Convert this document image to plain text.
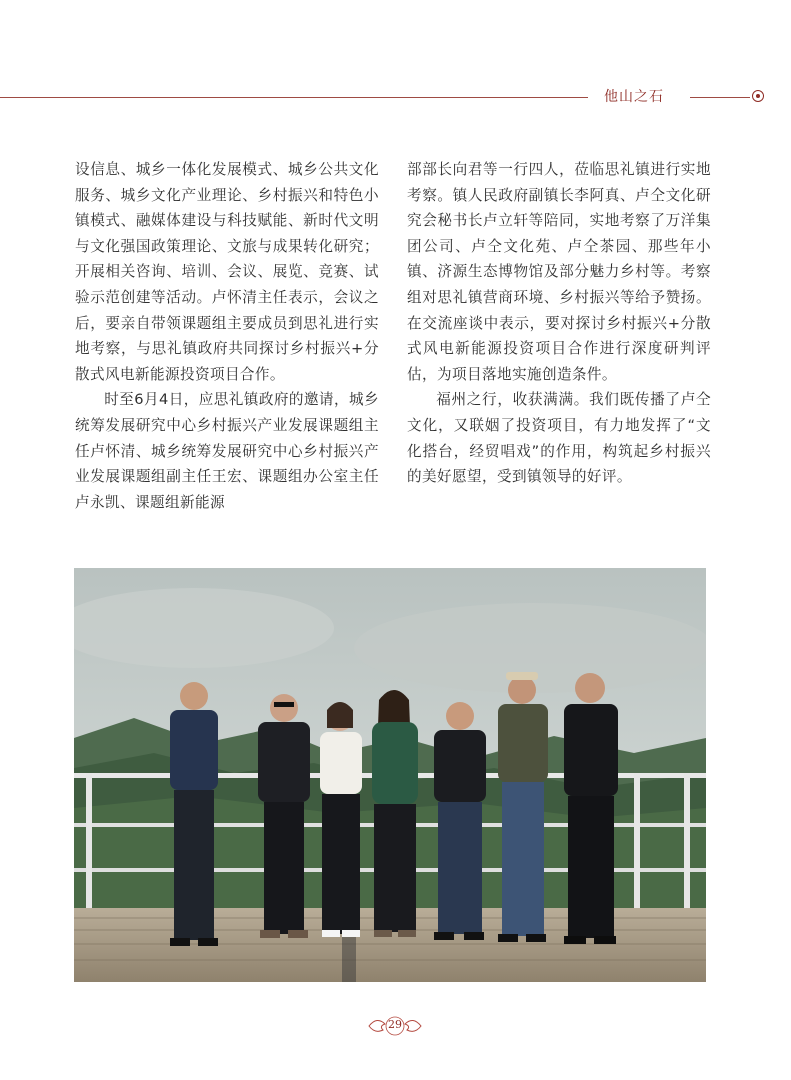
他山之石

设信息、城乡一体化发展模式、城乡公共文化服务、城乡文化产业理论、乡村振兴和特色小镇模式、融媒体建设与科技赋能、新时代文明与文化强国政策理论、文旅与成果转化研究；开展相关咨询、培训、会议、展览、竞赛、试验示范创建等活动。卢怀清主任表示，会议之后，要亲自带领课题组主要成员到思礼进行实地考察，与思礼镇政府共同探讨乡村振兴+分散式风电新能源投资项目合作。

时至6月4日，应思礼镇政府的邀请，城乡统筹发展研究中心乡村振兴产业发展课题组主任卢怀清、城乡统筹发展研究中心乡村振兴产业发展课题组副主任王宏、课题组办公室主任卢永凯、课题组新能源

部部长向君等一行四人，莅临思礼镇进行实地考察。镇人民政府副镇长李阿真、卢仝文化研究会秘书长卢立轩等陪同，实地考察了万洋集团公司、卢仝文化苑、卢仝茶园、那些年小镇、济源生态博物馆及部分魅力乡村等。考察组对思礼镇营商环境、乡村振兴等给予赞扬。在交流座谈中表示，要对探讨乡村振兴+分散式风电新能源投资项目合作进行深度研判评估，为项目落地实施创造条件。

福州之行，收获满满。我们既传播了卢仝文化，又联姻了投资项目，有力地发挥了“文化搭台，经贸唱戏”的作用，构筑起乡村振兴的美好愿望，受到镇领导的好评。

29
